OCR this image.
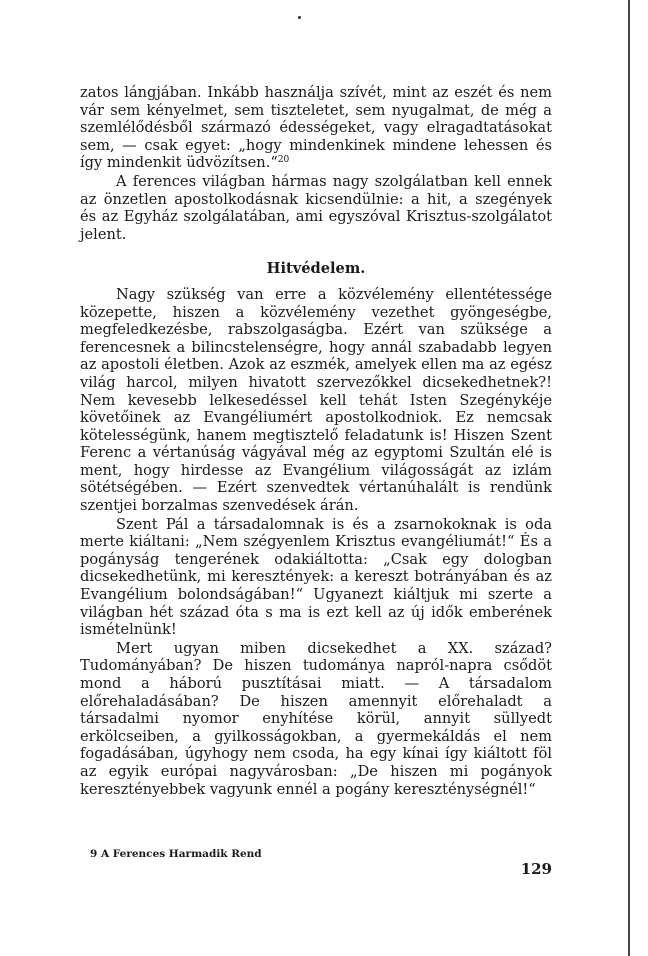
zatos lángjában. Inkább használja szívét, mint az eszét és nem vár sem kényelmet, sem tiszteletet, sem nyugalmat, de még a szemlélődésből származó édességeket, vagy elragadtatásokat sem, — csak egyet: „hogy mindenkinek mindene lehessen és így mindenkit üdvözítsen.“$^{20}$

A ferences világban hármas nagy szolgálatban kell ennek az önzetlen apostolkodásnak kicsendülnie: a hit, a szegények és az Egyház szolgálatában, ami egyszóval Krisztus-szolgálatot jelent.

Hitvédelem.

Nagy szükség van erre a közvélemény ellentétessége közepette, hiszen a közvélemény vezethet gyöngeségbe, megfeledkezésbe, rabszolgaságba. Ezért van szüksége a ferencesnek a bilincstelenségre, hogy annál szabadabb legyen az apostoli életben. Azok az eszmék, amelyek ellen ma az egész világ harcol, milyen hivatott szervezőkkel dicsekedhetnek?! Nem kevesebb lelkesedéssel kell tehát Isten Szegénykéje követőinek az Evangéliumért apostolkodniok. Ez nemcsak kötelességünk, hanem megtisztelő feladatunk is! Hiszen Szent Ferenc a vértanúság vágyával még az egyptomi Szultán elé is ment, hogy hirdesse az Evangélium világosságát az izlám sötétségében. — Ezért szenvedtek vértanúhalált is rendünk szentjei borzalmas szenvedések árán.

Szent Pál a társadalomnak is és a zsarnokoknak is oda merte kiáltani: „Nem szégyenlem Krisztus evangéliumát!“ És a pogányság tengerének odakiáltotta: „Csak egy dologban dicsekedhetünk, mi keresztények: a kereszt botrányában és az Evangélium bolondságában!“ Ugyanezt kiáltjuk mi szerte a világban hét század óta s ma is ezt kell az új idők emberének ismételnünk!

Mert ugyan miben dicsekedhet a XX. század? Tudományában? De hiszen tudománya napról-napra csődöt mond a háború pusztításai miatt. — A társadalom előrehaladásában? De hiszen amennyit előrehaladt a társadalmi nyomor enyhítése körül, annyit süllyedt erkölcseiben, a gyilkosságokban, a gyermekáldás el nem fogadásában, úgyhogy nem csoda, ha egy kínai így kiáltott föl az egyik európai nagyvárosban: „De hiszen mi pogányok keresztényebbek vagyunk ennél a pogány kereszténységnél!“

9 A Ferences Harmadik Rend
129
